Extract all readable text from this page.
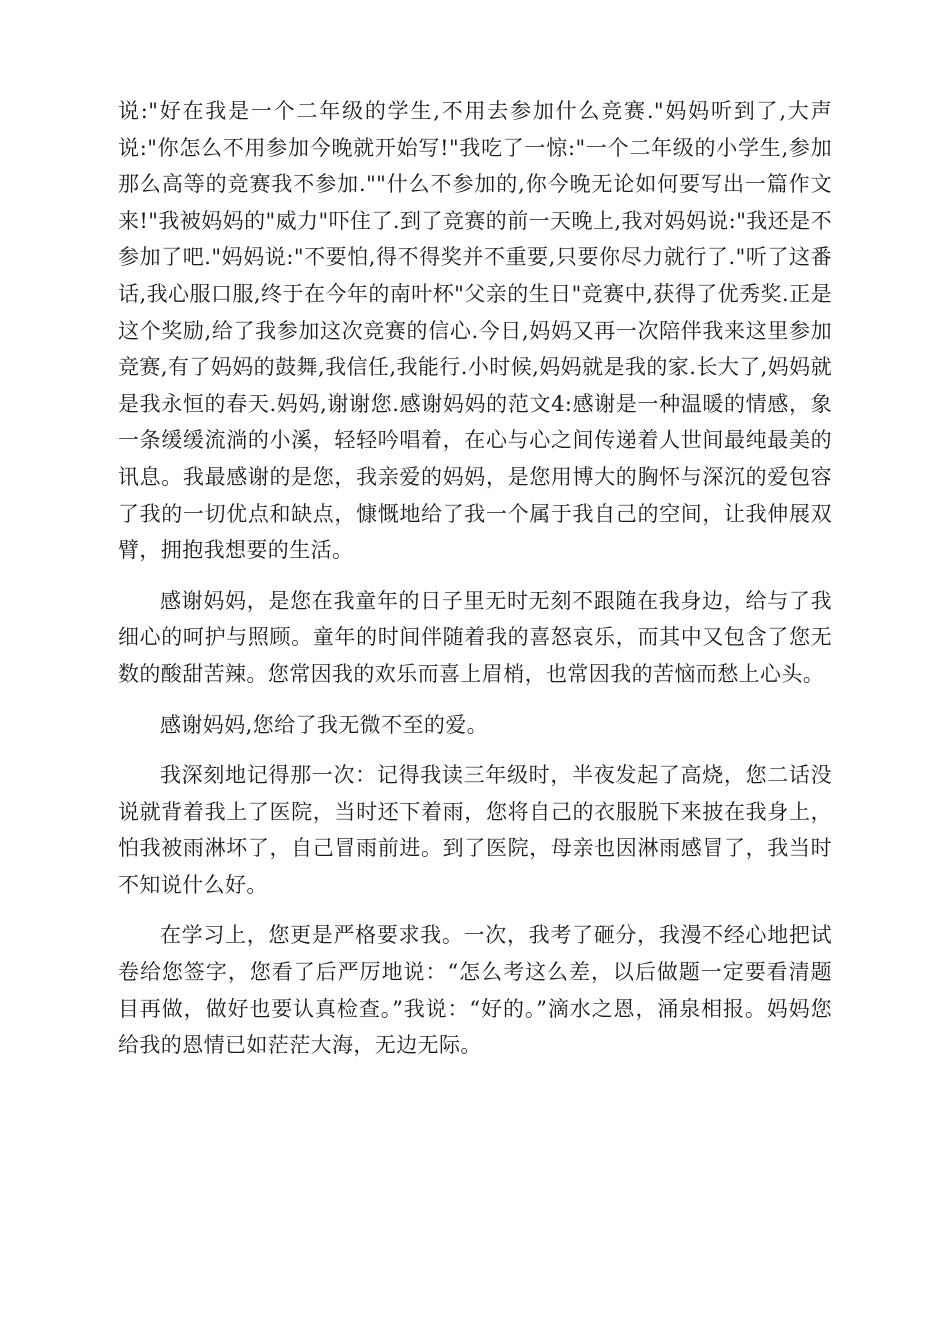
说:"好在我是一个二年级的学生,不用去参加什么竞赛."妈妈听到了,大声说:"你怎么不用参加今晚就开始写!"我吃了一惊:"一个二年级的小学生,参加那么高等的竞赛我不参加.""什么不参加的,你今晚无论如何要写出一篇作文来!"我被妈妈的"威力"吓住了.到了竞赛的前一天晚上,我对妈妈说:"我还是不参加了吧."妈妈说:"不要怕,得不得奖并不重要,只要你尽力就行了."听了这番话,我心服口服,终于在今年的南叶杯"父亲的生日"竞赛中,获得了优秀奖.正是这个奖励,给了我参加这次竞赛的信心.今日,妈妈又再一次陪伴我来这里参加竞赛,有了妈妈的鼓舞,我信任,我能行.小时候,妈妈就是我的家.长大了,妈妈就是我永恒的春天.妈妈,谢谢您.感谢妈妈的范文4:感谢是一种温暖的情感，象一条缓缓流淌的小溪，轻轻吟唱着，在心与心之间传递着人世间最纯最美的讯息。我最感谢的是您，我亲爱的妈妈，是您用博大的胸怀与深沉的爱包容了我的一切优点和缺点，慷慨地给了我一个属于我自己的空间，让我伸展双臂，拥抱我想要的生活。

感谢妈妈，是您在我童年的日子里无时无刻不跟随在我身边，给与了我细心的呵护与照顾。童年的时间伴随着我的喜怒哀乐，而其中又包含了您无数的酸甜苦辣。您常因我的欢乐而喜上眉梢，也常因我的苦恼而愁上心头。

感谢妈妈,您给了我无微不至的爱。

我深刻地记得那一次：记得我读三年级时，半夜发起了高烧，您二话没说就背着我上了医院，当时还下着雨，您将自己的衣服脱下来披在我身上，怕我被雨淋坏了，自己冒雨前进。到了医院，母亲也因淋雨感冒了，我当时不知说什么好。

在学习上，您更是严格要求我。一次，我考了砸分，我漫不经心地把试卷给您签字，您看了后严厉地说：“怎么考这么差，以后做题一定要看清题目再做，做好也要认真检查。”我说：“好的。”滴水之恩，涌泉相报。妈妈您给我的恩情已如茫茫大海，无边无际。
